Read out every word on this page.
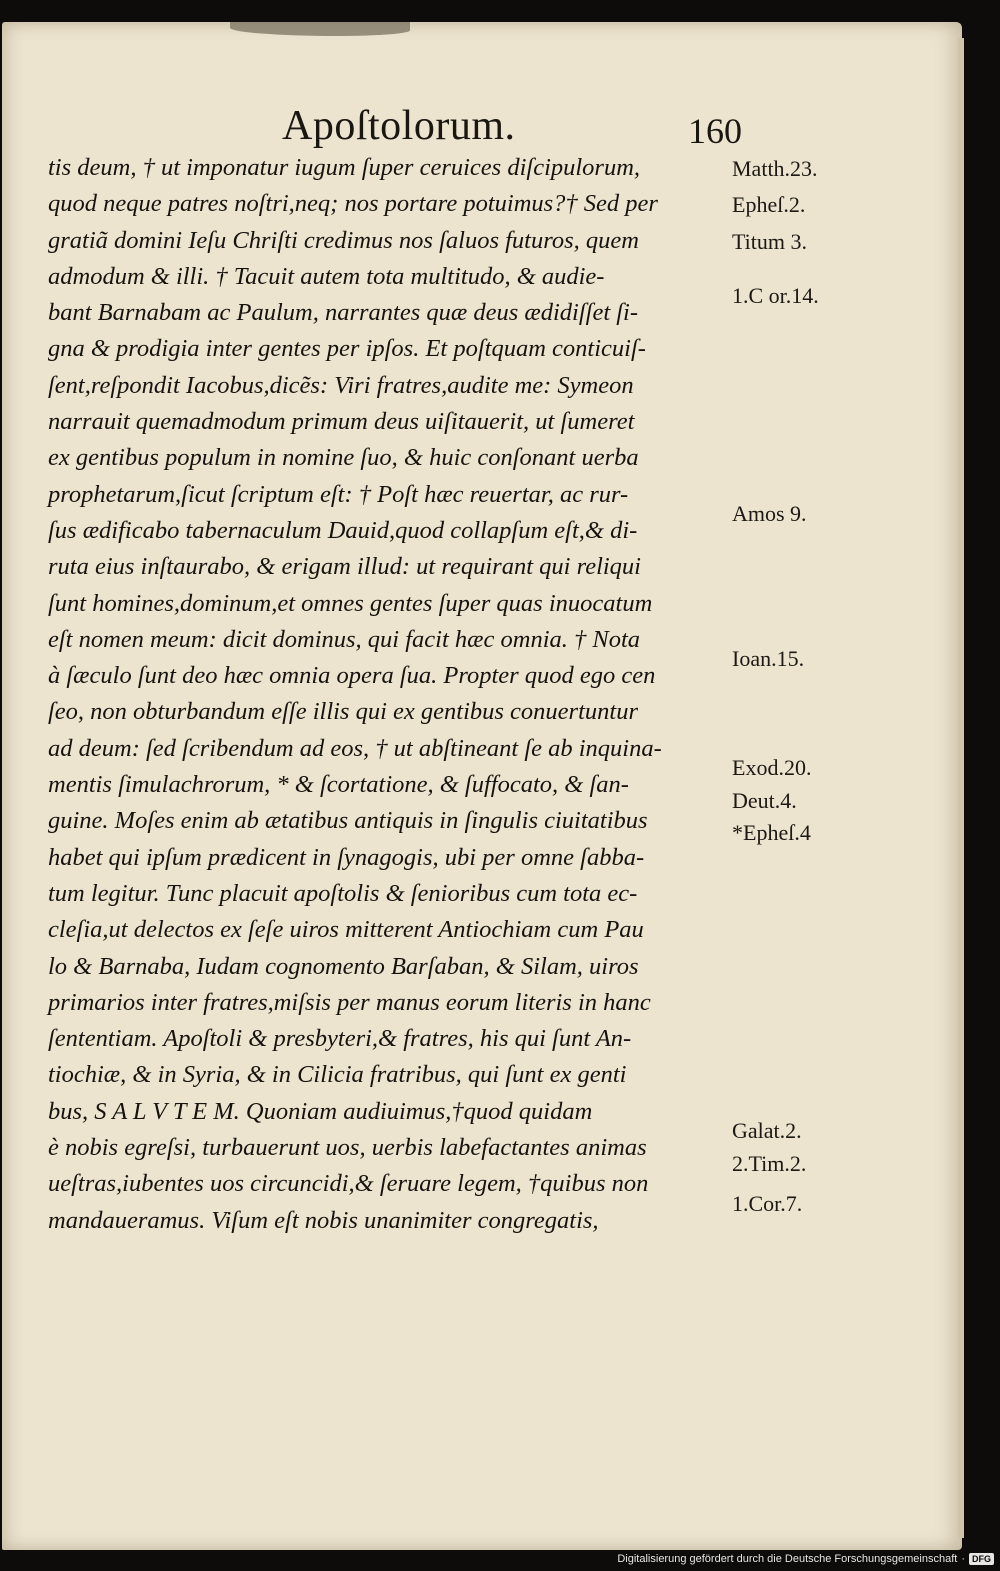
Apoſtolorum.	160
tis deum, † ut imponatur iugum ſuper ceruices diſcipulorum,
quod neque patres noſtri,neq; nos portare potuimus?† Sed per
gratiã domini Ieſu Chriſti credimus nos ſaluos futuros, quem
admodum & illi. † Tacuit autem tota multitudo, & audie-
bant Barnabam ac Paulum, narrantes quæ deus ædidiſſet ſi-
gna & prodigia inter gentes per ipſos. Et poſtquam conticuiſ-
ſent,reſpondit Iacobus,dicẽs: Viri fratres,audite me: Symeon
narrauit quemadmodum primum deus uiſitauerit, ut ſumeret
ex gentibus populum in nomine ſuo, & huic conſonant uerba
prophetarum,ſicut ſcriptum eſt: † Poſt hæc reuertar, ac rur-
ſus ædificabo tabernaculum Dauid,quod collapſum eſt,& di-
ruta eius inſtaurabo, & erigam illud: ut requirant qui reliqui
ſunt homines,dominum,et omnes gentes ſuper quas inuocatum
eſt nomen meum: dicit dominus, qui facit hæc omnia. † Nota
à ſæculo ſunt deo hæc omnia opera ſua. Propter quod ego cen
ſeo, non obturbandum eſſe illis qui ex gentibus conuertuntur
ad deum: ſed ſcribendum ad eos, † ut abſtineant ſe ab inquina-
mentis ſimulachrorum, * & ſcortatione, & ſuffocato, & ſan-
guine. Moſes enim ab ætatibus antiquis in ſingulis ciuitatibus
habet qui ipſum prædicent in ſynagogis, ubi per omne ſabba-
tum legitur. Tunc placuit apoſtolis & ſenioribus cum tota ec-
cleſia,ut delectos ex ſeſe uiros mitterent Antiochiam cum Pau
lo & Barnaba, Iudam cognomento Barſaban, & Silam, uiros
primarios inter fratres,miſsis per manus eorum literis in hanc
ſententiam. Apoſtoli & presbyteri,& fratres, his qui ſunt An-
tiochiæ, & in Syria, & in Cilicia fratribus, qui ſunt ex genti
bus, S A L V T E M. Quoniam audiuimus,†quod quidam
è nobis egreſsi, turbauerunt uos, uerbis labefactantes animas
ueſtras,iubentes uos circuncidi,& ſeruare legem, †quibus non
mandaueramus. Viſum eſt nobis unanimiter congregatis,
Matth.23.
Epheſ.2.
Titum 3.
1.C or.14.
Amos 9.
Ioan.15.
Exod.20.
Deut.4.
*Epheſ.4
Galat.2.
2.Tim.2.
1.Cor.7.
Digitalisierung gefördert durch die Deutsche Forschungsgemeinschaft · DFG
